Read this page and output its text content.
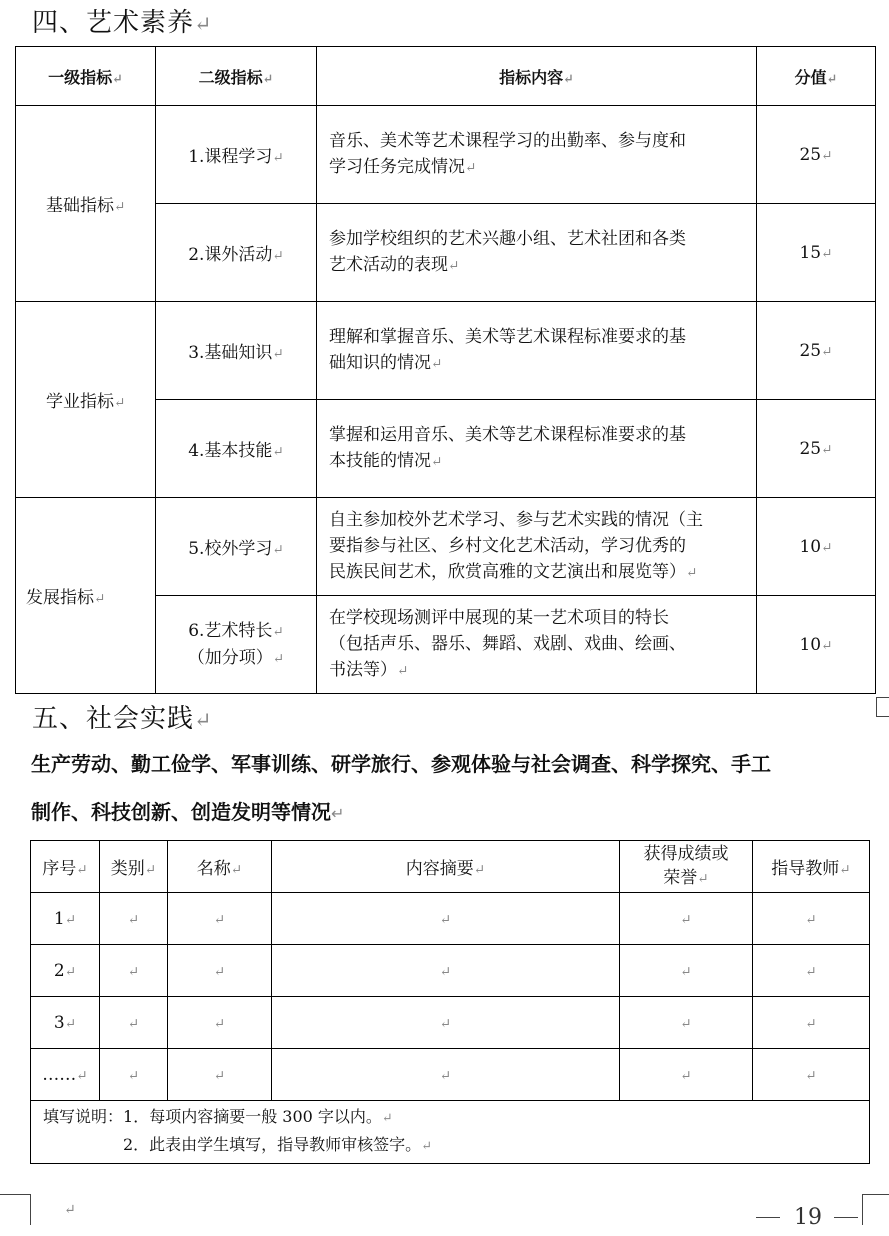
四、艺术素养↵
一级指标↵	二级指标↵	指标内容↵	分值↵
基础指标↵	1.课程学习↵	音乐、美术等艺术课程学习的出勤率、参与度和
学习任务完成情况↵	25↵
	2.课外活动↵	参加学校组织的艺术兴趣小组、艺术社团和各类
艺术活动的表现↵	15↵
学业指标↵	3.基础知识↵	理解和掌握音乐、美术等艺术课程标准要求的基
础知识的情况↵	25↵
	4.基本技能↵	掌握和运用音乐、美术等艺术课程标准要求的基
本技能的情况↵	25↵
发展指标↵	5.校外学习↵	自主参加校外艺术学习、参与艺术实践的情况（主
要指参与社区、乡村文化艺术活动，学习优秀的
民族民间艺术，欣赏高雅的文艺演出和展览等）↵	10↵
	6.艺术特长↵
（加分项）↵	在学校现场测评中展现的某一艺术项目的特长
（包括声乐、器乐、舞蹈、戏剧、戏曲、绘画、
书法等）↵	10↵
五、社会实践↵
生产劳动、勤工俭学、军事训练、研学旅行、参观体验与社会调查、科学探究、手工
制作、科技创新、创造发明等情况↵
序号↵	类别↵	名称↵	内容摘要↵	获得成绩或
荣誉↵	指导教师↵
1↵	↵	↵	↵	↵	↵
2↵	↵	↵	↵	↵	↵
3↵	↵	↵	↵	↵	↵
……↵	↵	↵	↵	↵	↵
填写说明：1．每项内容摘要一般 300 字以内。↵
2．此表由学生填写，指导教师审核签字。↵					
↵	19
